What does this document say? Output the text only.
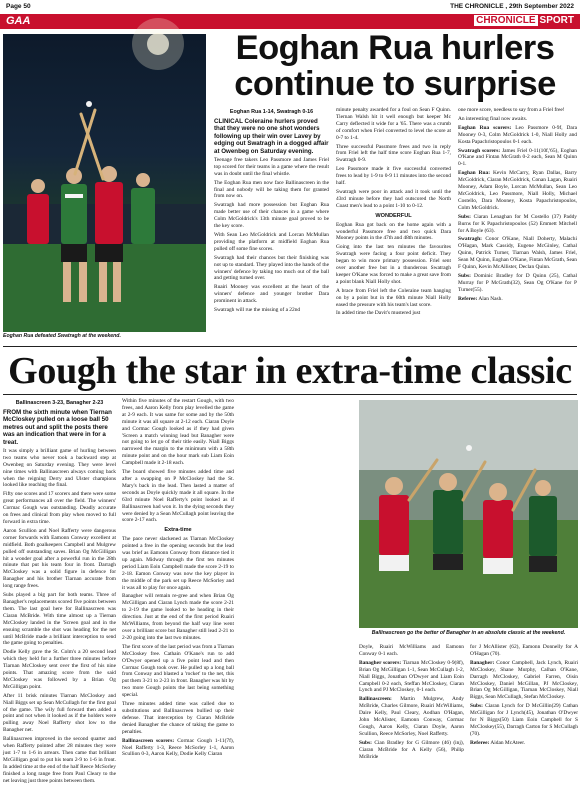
Page 50	THE CHRONICLE , 29th September 2022
GAA	CHRONICLE SPORT
Eoghan Rua defeated Swatragh at the weekend.
Eoghan Rua hurlers continue to surprise

Eoghan Rua 1-14, Swatragh 0-16

CLINICAL Coleraine hurlers proved that they were no one shot wonders following up their win over Lavey by edging out Swatragh in a dogged affair at Owenbeg on Saturday evening.

Teenage free takers Leo Passmore and James Friel top scored for their teams in a game where the result was in doubt until the final whistle.

The Eoghan Rua men now face Ballinascreen in the final and nobody will be taking them for granted from now on.

Swatragh had more possession but Eoghan Rua made better use of their chances in a game where Colm McGoldrick's 13th minute goal proved to be the key score.

With Sean Leo McGoldrick and Lorcan McMullan providing the platform at midfield Eoghan Rua pulled off some fine scores.

Swatragh had their chances but their finishing was not up to standard. They played into the hands of the winners' defence by taking too much out of the ball and getting turned over.

Ruairi Mooney was excellent at the heart of the winners' defence and younger brother Dara prominent in attack.

Swatragh will rue the missing of a 22nd

minute penalty awarded for a foul on Sean F Quinn. Tiernan Walsh hit it well enough but keeper Mc Carry deflected it wide for a '65. There was a crumb of comfort when Friel converted to level the score at 0-7 to 1-4.

Three successful Passmore frees and two in reply from Friel left the half time score Eoghan Rua 1-7, Swatragh 0-9.

Leo Passmore made it five successful converted frees to lead by 1-9 to 0-9 11 minutes into the second half.

Swatragh were poor in attack and it took until the 43rd minute before they had outscored the North Coast men's lead to a point 1-10 to 0-12.

WONDERFUL

Eoghan Rua got back on the home again with a wonderful Passmore free and two quick Dara Mooney points in the 47th and 48th minutes.

Going into the last ten minutes the favourites Swatragh were facing a four point deficit. They began to win more primary possession. Friel sent over another free but in a thunderous Swatragh keeper O'Kane was forced to make a great save from a point blank Niall Holly shot.

A brace from Friel left the Coleraine team hanging on by a point but in the 60th minute Niall Holly eased the pressure with his team's last score.

In added time the Davit's mustered just

one more score, needless to say from a Friel free!

An interesting final now awaits.

Eoghan Rua scorers: Leo Passmore 0-9f, Dara Mooney 0-3, Colm McGoldrick 1-0, Niall Holly and Kosta Papachristopoulos 0-1 each.

Swatragh scorers: James Friel 0-11(10f,'65), Eoghan O'Kane and Fintan McGrath 0-2 each, Sean M Quinn 0-1.

Eoghan Rua: Kevin McCarry, Ryan Dallas, Barry McGoldrick, Ciaran McGoldrick, Conan Lagan, Ruairi Mooney, Adam Boyle, Lorcan McMullan, Sean Leo McGoldrick, Leo Passmore, Niall Holly, Michael Costello, Dara Mooney, Kosta Papachristopoulos, Colm McGoldrick.

Subs: Ciaran Lenaghan for M Costello (37) Paddy Burns for K Papachristopoulos (52) Emmett Mitchell for A Boyle (63).

Swatragh: Conor O'Kane, Niall Doherty, Malachi O'Hagan, Mark Cassidy, Eugene McGinley, Cathal Quinn, Patrick Turner, Tiarnan Walsh, James Friel, Sean M Quinn, Eoghan O'Kane, Fintan McGrath, Sean F Quinn, Kevin McAllister, Declan Quinn.

Subs: Dominic Bradley for D Quinn (25), Cathal Murray for P McGrath(32), Sean Og O'Kane for P Turner(55).

Referee: Alan Nash.

Gough the star in extra-time classic

Ballinascreen 3-23, Banagher 2-23

FROM the sixth minute when Tiernan McCloskey pulled on a loose ball 50 metres out and split the posts there was an indication that were in for a treat.

It was simply a brilliant game of hurling between two teams who never took a backward step at Owenbeg on Saturday evening. They were level nine times with Ballinascreen always coming back when the reigning Derry and Ulster champions looked like reaching the final.

Fifty one scores and 17 scorers and there were some great performances all over the field. The winners' Cormac Gough was outstanding. Deadly accurate on frees and clinical from play when moved to full forward in extra time.

Aaron Scullion and Noel Rafferty were dangerous corner forwards with Eamonn Conway excellent at midfield. Both goalkeepers Campbell and Mulgrew pulled off outstanding saves. Brian Og McGilligan hit a wonder goal after a powerful run in the 28th minute that put his team four in front. Darragh McCloskey was a solid figure in defence for Banagher and his brother Tiarnan accurate from long range frees.

Subs played a big part for both teams. Three of Banagher's replacements scored five points between them. The last goal here for Ballinascreen was Ciaran McBride. With time almost up a Tiernan McCloskey landed in the 'Screen goal and in the ensuing scramble the shot was heading for the net until McBride made a brilliant interception to send the game going to penalties.

Dodie Kelly gave the St. Colm's a 20 second lead which they held for a further three minutes before Tiarnan McCloskey sent over the first of his nine points. That amazing score from the said McCloskey was followed by a Brian Og McGilligan point.

After 11 brisk minutes Tiarnan McCloskey and Niall Biggs set up Sean McCullagh for the first goal of the game. The wily full forward then added a point and not when it looked as if the holders were pulling away Noel Rafferty shot low to the Banagher net.

Ballinascreen improved in the second quarter and when Rafferty pointed after 28 minutes they were just 1-7 to 1-6 in arrears. Then came that brilliant McGilligan goal to put his team 2-9 to 1-6 in front. In added time at the end of the half Reece McSorley finished a long range free from Paul Cleary to the net leaving just three points between them.

Within five minutes of the restart Gough, with two frees, and Aaron Kelly from play levelled the game at 2-9 each. It was same for some and by the 50th minute it was all square at 2-12 each. Ciaran Doyle and Cormac Gough looked as if they had given 'Screen a match winning lead but Banagher were not going to let go of their title easily. Niall Biggs narrowed the margin to the minimum with a 58th minute point and on the hour mark sub Liam Eoin Campbell made it 2-18 each.

The board showed five minutes added time and after a swapping on P McCloskey had the St. Mary's back in the lead. Then lasted a matter of seconds as Doyle quickly made it all square. In the 63rd minute Noel Rafferty's point looked as if Ballinascreen had won it. In the dying seconds they were denied by a Sean McCullagh point leaving the score 2-17 each.

Extra-time

The pace never slackened as Tiarnan McCloskey pointed a free in the opening seconds but the lead was brief as Eamonn Conway from distance tied it up again. Midway through the first ten minutes period Liam Eoin Campbell made the score 2-19 to 2-18. Eamon Conway was now the key player in the middle of the park set up Reece McSorley and it was all to play for once again.

Banagher will remain re-gree and when Brian Og McGilligan and Ciaran Lynch made the score 2-21 to 2-19 the game looked to be heading in their direction. Just at the end of the first period Ruairi McWilliams, from beyond the half way line went over a brilliant score but Banagher still lead 2-21 to 2-20 going into the last two minutes.

The first score of the last period was from a Tiarnan McCloskey free. Cathain O'Kane's run to add O'Dwyer opened up a five point lead and then Cormac Gough took over. He pulled up a long ball from Conway and blasted a 'rocket' to the net, this put them 3-21 to 2-23 in front. Banagher was hit by two more Gough points the last being something special.

Three minutes added time was called due to substitutions and Ballinascreen bullied up their defense. That interception by Ciaran McBride denied Banagher the chance of taking the game to penalties.

Ballinascreen scorers: Cormac Gough 1-11(7f), Noel Rafferty 1-3, Reece McSorley 1-1, Aaron Scullion 0-3, Aaron Kelly, Dodie Kelly Ciaran

Ballinascreen go the better of Banagher in an absolute classic at the weekend.

Doyle, Ruairi McWilliams and Eamonn Conway 0-1 each.

Banagher scorers: Tiarnan McCloskey 0-9(8f), Brian Og McGilligan 1-1, Sean McCullagh 1-2, Niall Biggs, Jonathan O'Dwyer and Liam Eoin Campbell 0-2 each, Steffan McCloskey, Ciaran Lynch and PJ McCloskey, 0-1 each.

Ballinascreen: Martin Mulgrew, Andy McBride, Charles Gilmore, Ruairi McWilliams, Daire Kelly, Paul Cleary, Aodhan O'Hagan, John McAlister, Eamonn Conway, Cormac Gough, Aaron Kelly, Ciaran Doyle, Aaron Scullion, Reece McSorley, Noel Rafferty.

Subs: Cian Bradley for G Gilmore (46) (inj), Ciaran McBride for A Kelly (56), Philip McBride

for J McAllister (62), Eamonn Donnelly for A O'Hagan (70).

Banagher: Conor Campbell, Jack Lynch, Ruairi McCloskey, Shane Murphy, Calhan O'Kane, Darragh McCloskey, Gabriel Farren, Oisin McCloskey, Daniel McGillan, PJ McCloskey, Brian Og McGilligan, Tiarnan McCloskey, Niall Biggs, Sean McCullagh, Stefan McCloskey.

Subs: Ciaran Lynch for D McGillin(29) Cathan McGilligan for J Lynch(45), Jonathan O'Dwyer for N Biggs(50) Liam Eoin Campbell for S McCloskey(55), Darragh Carton for S McCullagh (70).

Referee: Aidan McAteer.
